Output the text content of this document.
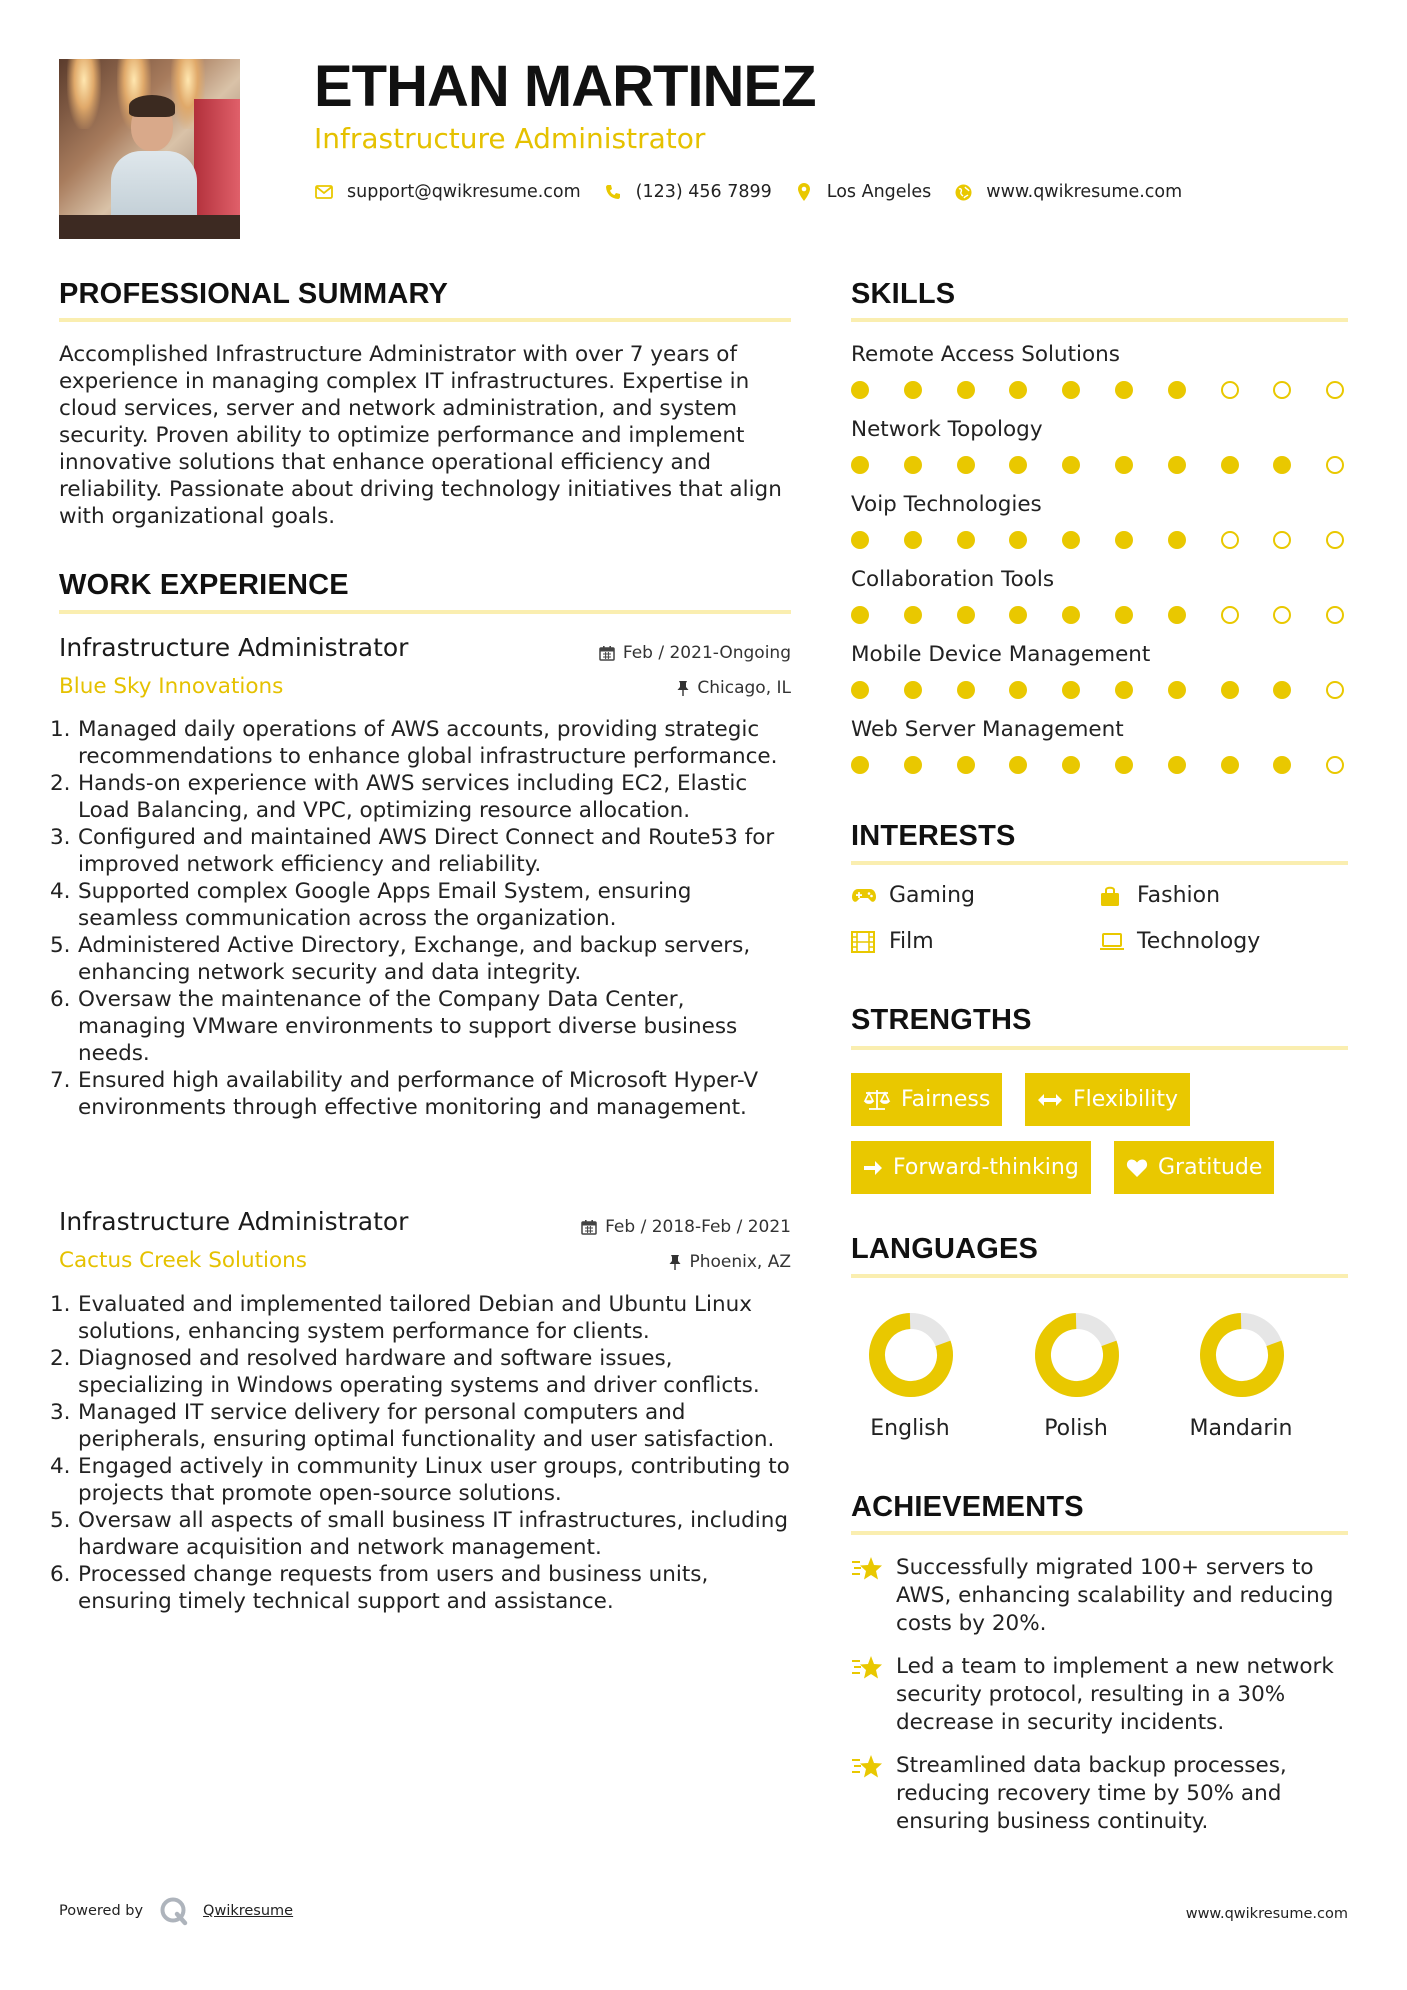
ETHAN MARTINEZ
Infrastructure Administrator
support@qwikresume.com	(123) 456 7899	Los Angeles	www.qwikresume.com
PROFESSIONAL SUMMARY
Accomplished Infrastructure Administrator with over 7 years of experience in managing complex IT infrastructures. Expertise in cloud services, server and network administration, and system security. Proven ability to optimize performance and implement innovative solutions that enhance operational efficiency and reliability. Passionate about driving technology initiatives that align with organizational goals.
WORK EXPERIENCE
Infrastructure Administrator	Feb / 2021-Ongoing
Blue Sky Innovations	Chicago, IL
1. Managed daily operations of AWS accounts, providing strategic recommendations to enhance global infrastructure performance.
2. Hands-on experience with AWS services including EC2, Elastic Load Balancing, and VPC, optimizing resource allocation.
3. Configured and maintained AWS Direct Connect and Route53 for improved network efficiency and reliability.
4. Supported complex Google Apps Email System, ensuring seamless communication across the organization.
5. Administered Active Directory, Exchange, and backup servers, enhancing network security and data integrity.
6. Oversaw the maintenance of the Company Data Center, managing VMware environments to support diverse business needs.
7. Ensured high availability and performance of Microsoft Hyper-V environments through effective monitoring and management.
Infrastructure Administrator	Feb / 2018-Feb / 2021
Cactus Creek Solutions	Phoenix, AZ
1. Evaluated and implemented tailored Debian and Ubuntu Linux solutions, enhancing system performance for clients.
2. Diagnosed and resolved hardware and software issues, specializing in Windows operating systems and driver conflicts.
3. Managed IT service delivery for personal computers and peripherals, ensuring optimal functionality and user satisfaction.
4. Engaged actively in community Linux user groups, contributing to projects that promote open-source solutions.
5. Oversaw all aspects of small business IT infrastructures, including hardware acquisition and network management.
6. Processed change requests from users and business units, ensuring timely technical support and assistance.
SKILLS
Remote Access Solutions
Network Topology
Voip Technologies
Collaboration Tools
Mobile Device Management
Web Server Management
INTERESTS
Gaming	Fashion
Film	Technology
STRENGTHS
Fairness	Flexibility
Forward-thinking	Gratitude
LANGUAGES
English	Polish	Mandarin
ACHIEVEMENTS
Successfully migrated 100+ servers to AWS, enhancing scalability and reducing costs by 20%.
Led a team to implement a new network security protocol, resulting in a 30% decrease in security incidents.
Streamlined data backup processes, reducing recovery time by 50% and ensuring business continuity.
Powered by	Qwikresume	www.qwikresume.com
